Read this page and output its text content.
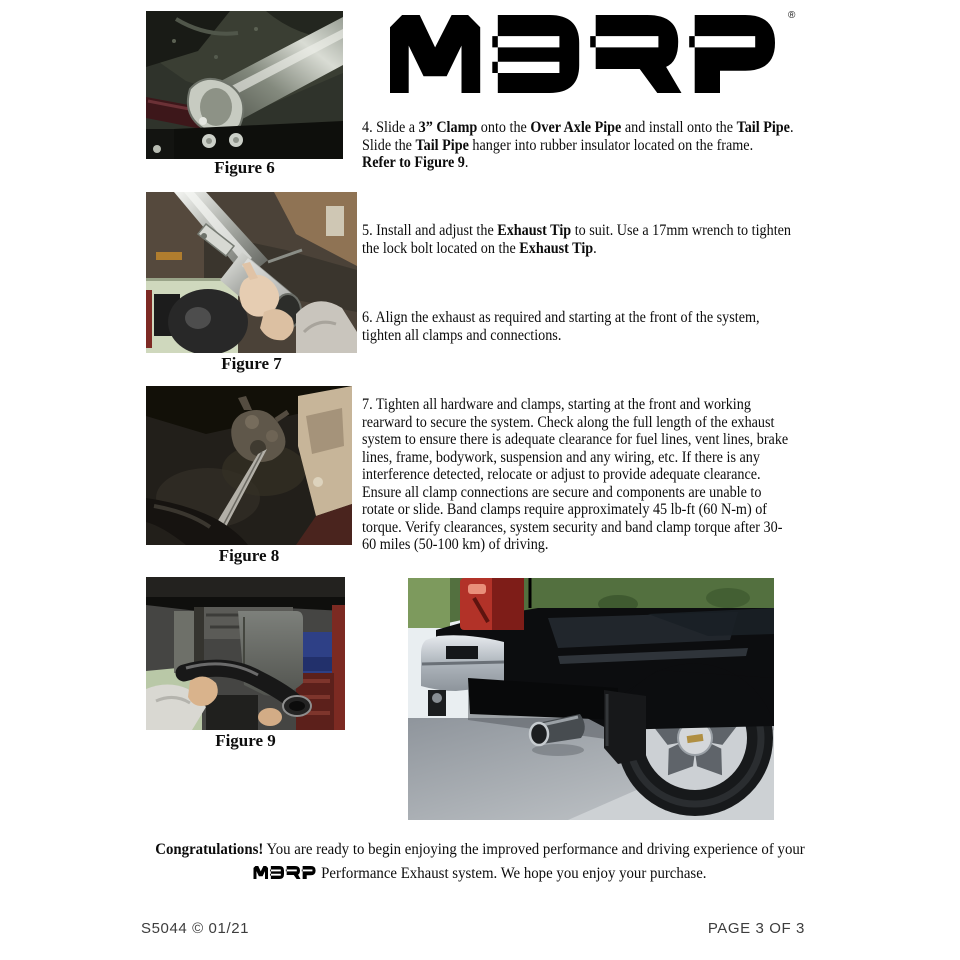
®
Figure 6
Figure 7
Figure 8
Figure 9
4. Slide a 3” Clamp onto the Over Axle Pipe and install onto the Tail Pipe.
Slide the Tail Pipe hanger into rubber insulator located on the frame.
Refer to Figure 9.
5. Install and adjust the Exhaust Tip to suit. Use a 17mm wrench to tighten
the lock bolt located on the Exhaust Tip.
6. Align the exhaust as required and starting at the front of the system,
tighten all clamps and connections.
7. Tighten all hardware and clamps, starting at the front and working
rearward to secure the system. Check along the full length of the exhaust
system to ensure there is adequate clearance for fuel lines, vent lines, brake
lines, frame, bodywork, suspension and any wiring, etc. If there is any
interference detected, relocate or adjust to provide adequate clearance.
Ensure all clamp connections are secure and components are unable to
rotate or slide. Band clamps require approximately 45 lb-ft (60 N-m) of
torque. Verify clearances, system security and band clamp torque after 30-
60 miles (50-100 km) of driving.
Congratulations! You are ready to begin enjoying the improved performance and driving experience of your
Performance Exhaust system. We hope you enjoy your purchase.
S5044 © 01/21	PAGE 3 OF 3
